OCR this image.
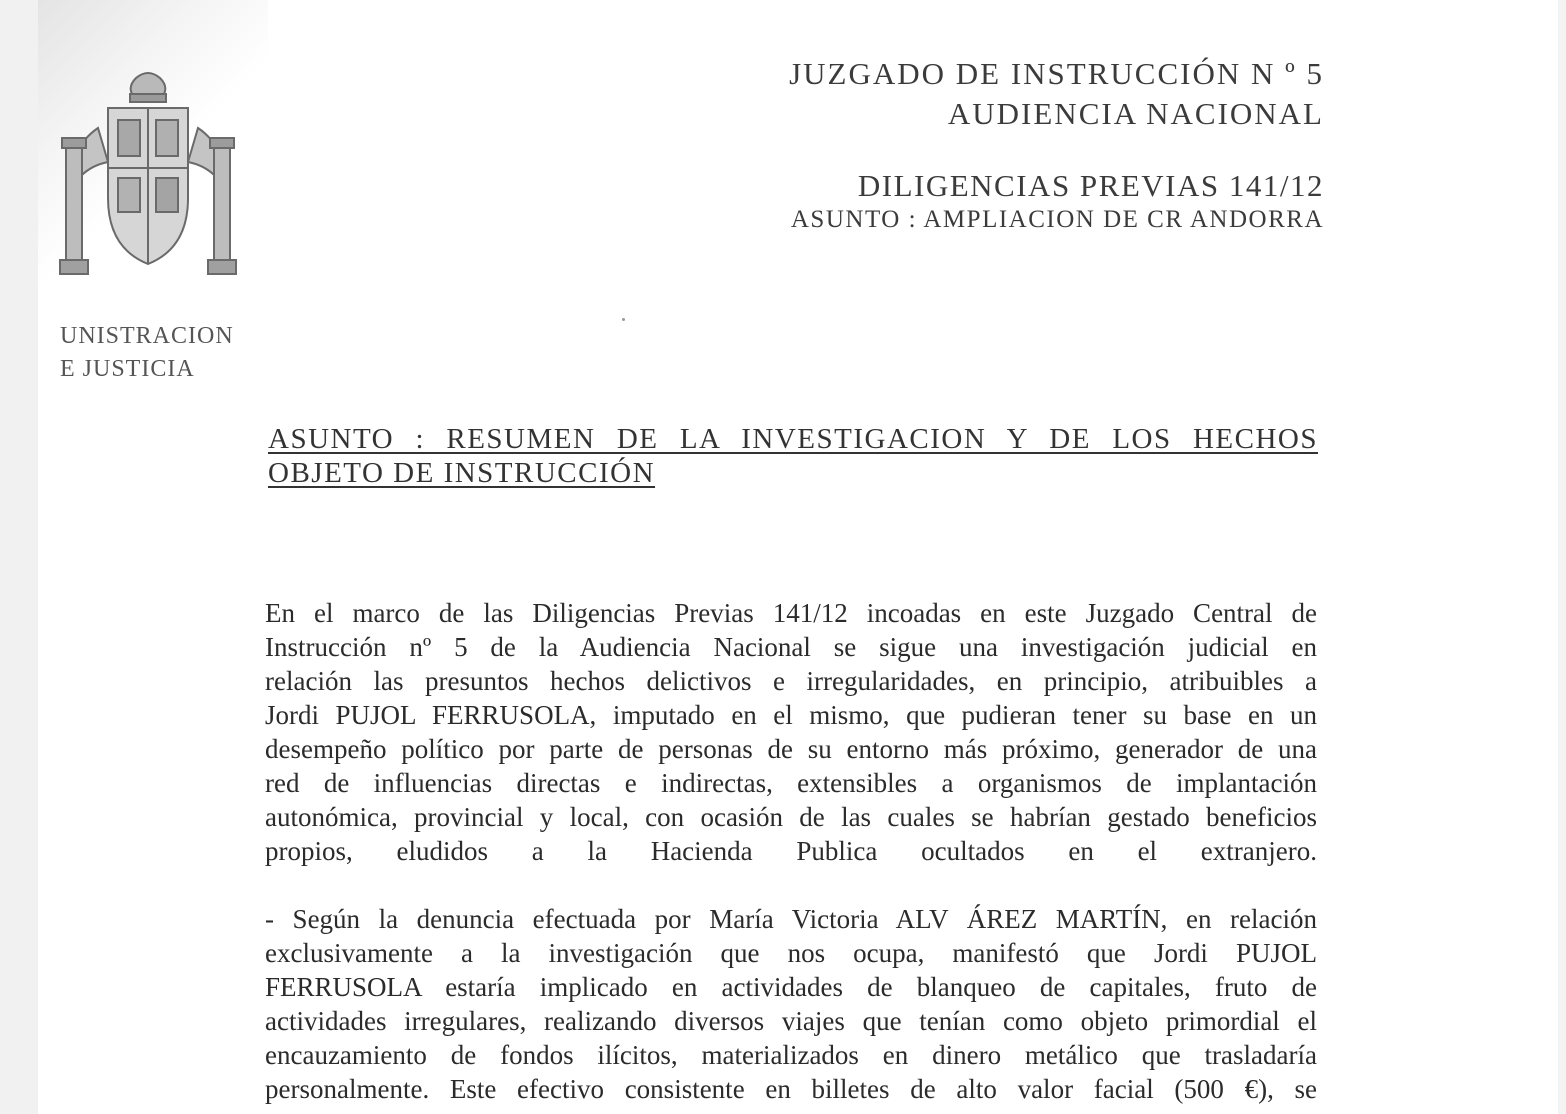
UNISTRACION
E JUSTICIA
JUZGADO DE INSTRUCCIÓN N º 5
AUDIENCIA NACIONAL
DILIGENCIAS PREVIAS 141/12
ASUNTO : AMPLIACION DE CR ANDORRA
ASUNTO : RESUMEN DE LA INVESTIGACION Y DE LOS HECHOS
OBJETO DE INSTRUCCIÓN
En el marco de las Diligencias Previas 141/12 incoadas en este Juzgado Central de
Instrucción nº 5 de la Audiencia Nacional se sigue una investigación judicial en
relación las presuntos hechos delictivos e irregularidades, en principio, atribuibles a
Jordi PUJOL FERRUSOLA, imputado en el mismo, que pudieran tener su base en un
desempeño político por parte de personas de su entorno más próximo, generador de una
red de influencias directas e indirectas, extensibles a organismos de implantación
autonómica, provincial y local, con ocasión de las cuales se habrían gestado beneficios
propios, eludidos a la Hacienda Publica ocultados en el extranjero.
- Según la denuncia efectuada por María Victoria ALV ÁREZ MARTÍN, en relación
exclusivamente a la investigación que nos ocupa, manifestó que Jordi PUJOL
FERRUSOLA estaría implicado en actividades de blanqueo de capitales, fruto de
actividades irregulares, realizando diversos viajes que tenían como objeto primordial el
encauzamiento de fondos ilícitos, materializados en dinero metálico que trasladaría
personalmente. Este efectivo consistente en billetes de alto valor facial (500 €), se
